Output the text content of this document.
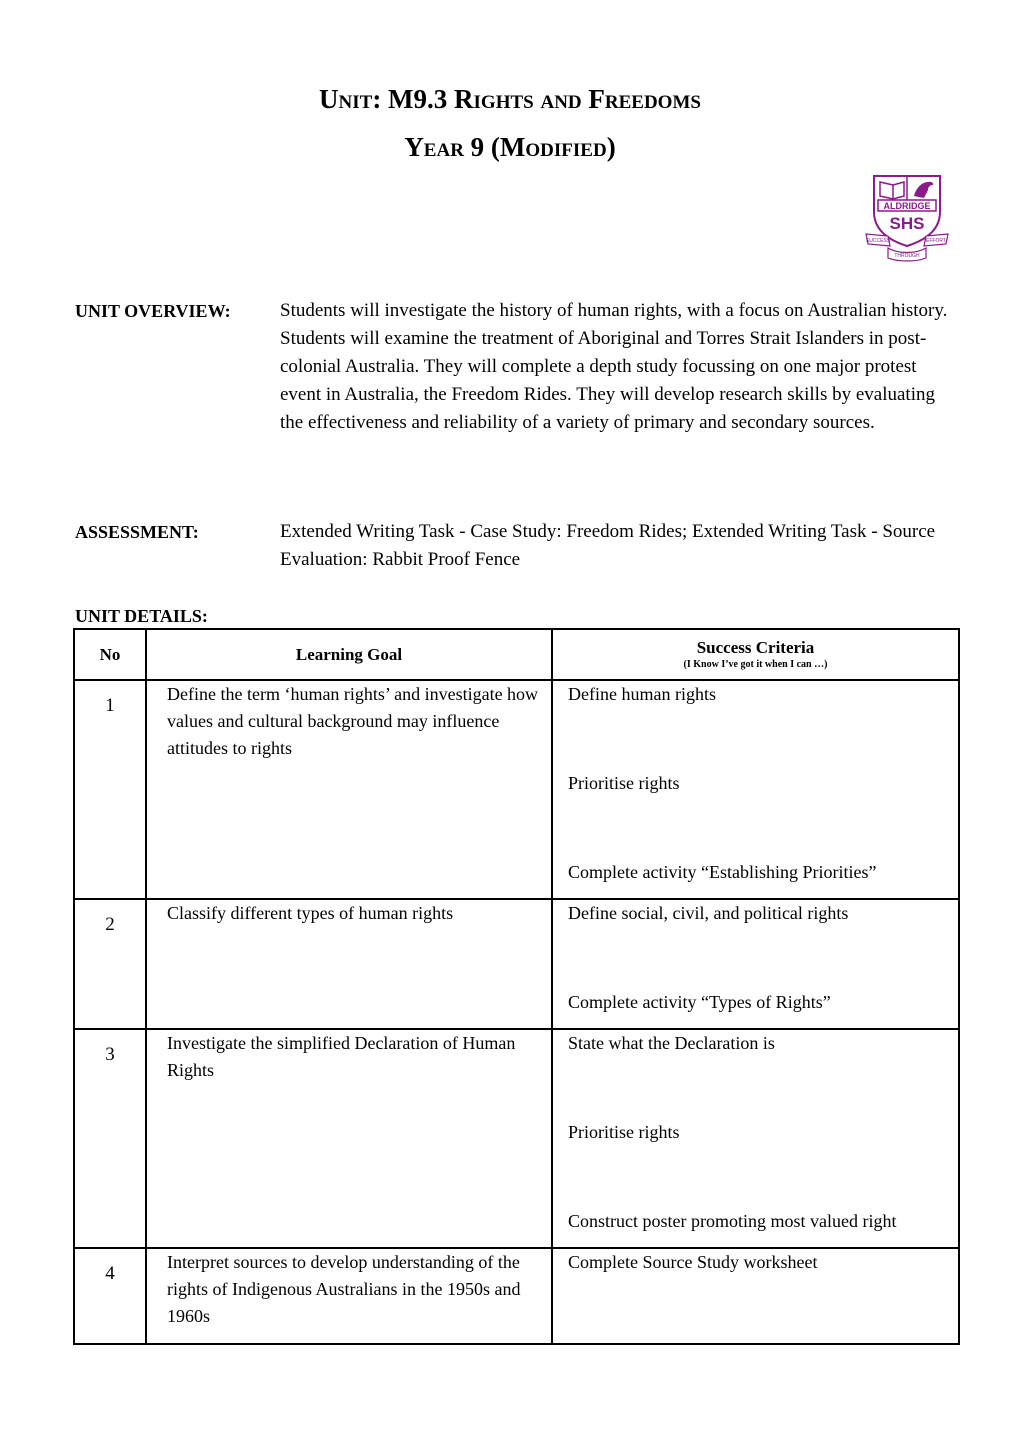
Unit: M9.3 Rights and Freedoms
Year 9 (Modified)
ALDRIDGE
SHS
SUCCESS	EFFORT
THROUGH
UNIT OVERVIEW:	Students will investigate the history of human rights, with a focus on Australian history. Students will examine the treatment of Aboriginal and Torres Strait Islanders in post-colonial Australia. They will complete a depth study focussing on one major protest event in Australia, the Freedom Rides. They will develop research skills by evaluating the effectiveness and reliability of a variety of primary and secondary sources.
ASSESSMENT:	Extended Writing Task - Case Study: Freedom Rides; Extended Writing Task - Source Evaluation: Rabbit Proof Fence
UNIT DETAILS:
No	Learning Goal	Success Criteria
(I Know I’ve got it when I can …)

1	Define the term ‘human rights’ and investigate how values and cultural background may influence attitudes to rights	Define human rights
Prioritise rights
Complete activity “Establishing Priorities”

2	Classify different types of human rights	Define social, civil, and political rights
Complete activity “Types of Rights”

3	Investigate the simplified Declaration of Human Rights	State what the Declaration is
Prioritise rights
Construct poster promoting most valued right

4	Interpret sources to develop understanding of the rights of Indigenous Australians in the 1950s and 1960s	Complete Source Study worksheet
